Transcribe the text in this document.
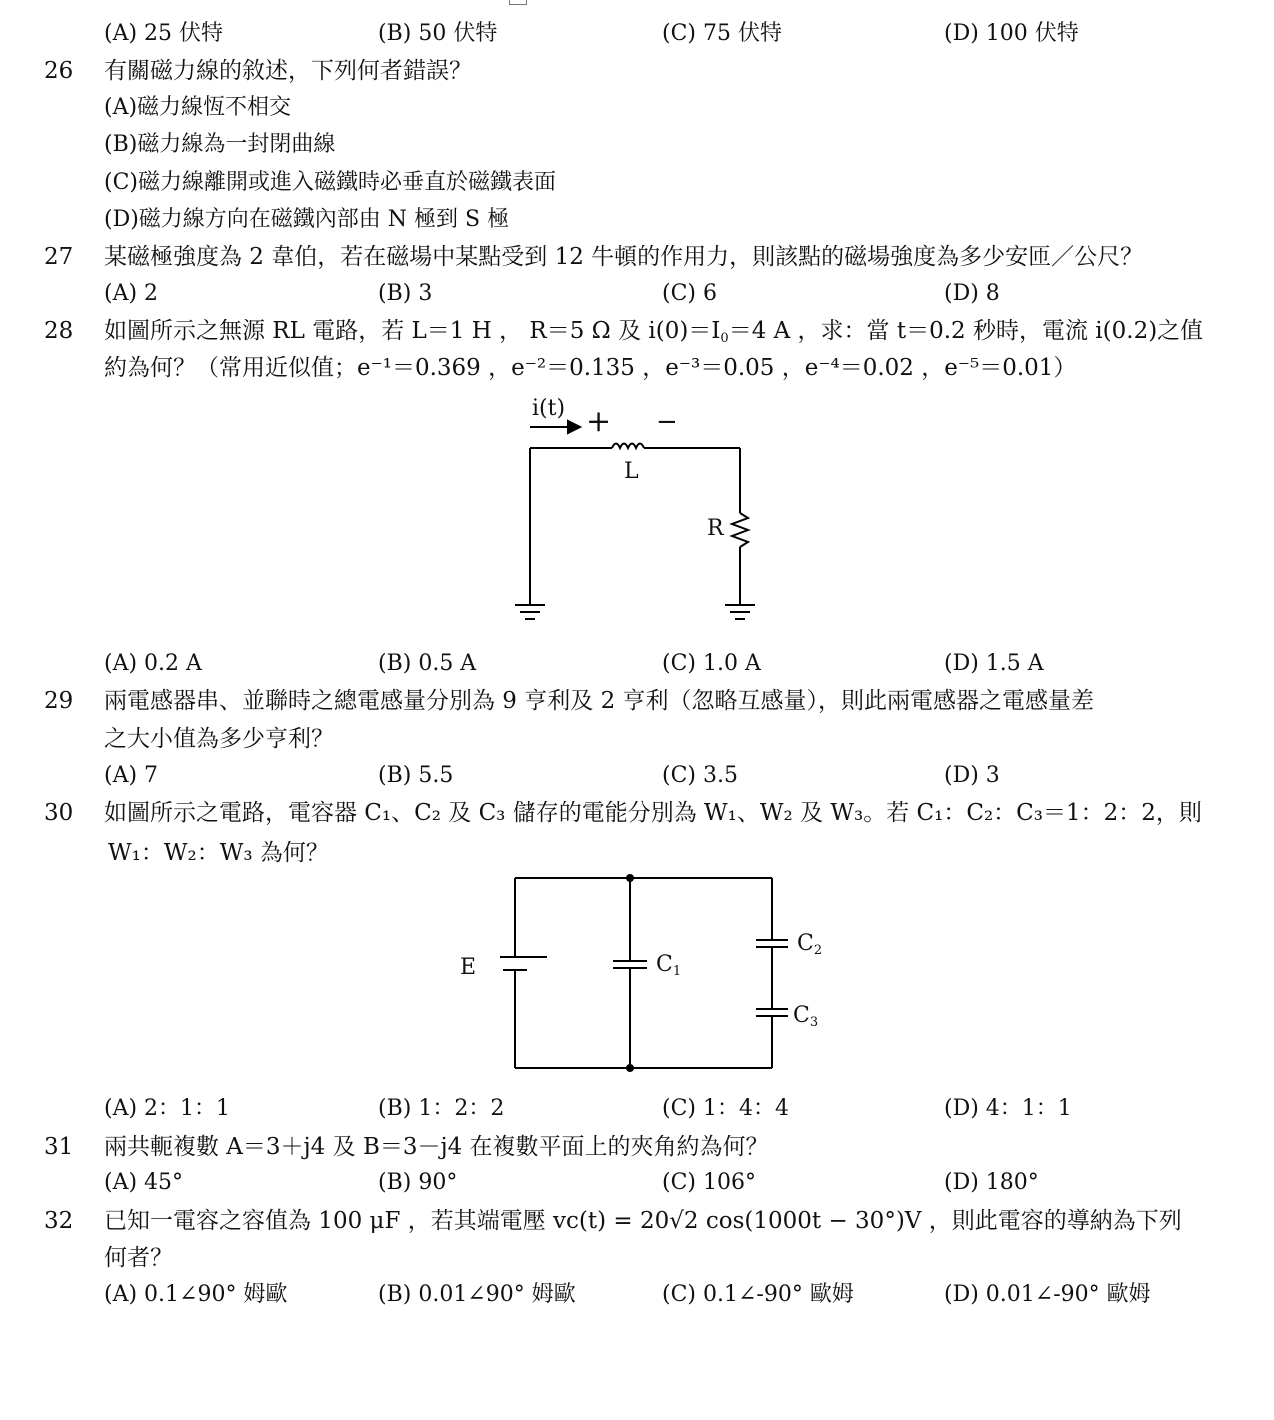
(A) 25 伏特	(B) 50 伏特	(C) 75 伏特	(D) 100 伏特
26 有關磁力線的敘述，下列何者錯誤？
(A)磁力線恆不相交
(B)磁力線為一封閉曲線
(C)磁力線離開或進入磁鐵時必垂直於磁鐵表面
(D)磁力線方向在磁鐵內部由 N 極到 S 極
27 某磁極強度為 2 韋伯，若在磁場中某點受到 12 牛頓的作用力，則該點的磁場強度為多少安匝／公尺？
(A) 2	(B) 3	(C) 6	(D) 8
28 如圖所示之無源 RL 電路，若 L＝1 H ， R＝5 Ω 及 $i(0)=I_0=4$ A ，求：當 t＝0.2 秒時，電流 i(0.2)之值
約為何？（常用近似值；e⁻¹＝0.369 ，e⁻²＝0.135 ，e⁻³＝0.05 ，e⁻⁴＝0.02 ，e⁻⁵＝0.01）
i(t) + −
L
R
(A) 0.2 A	(B) 0.5 A	(C) 1.0 A	(D) 1.5 A
29 兩電感器串、並聯時之總電感量分別為 9 亨利及 2 亨利（忽略互感量），則此兩電感器之電感量差
之大小值為多少亨利？
(A) 7	(B) 5.5	(C) 3.5	(D) 3
30 如圖所示之電路，電容器 C₁、C₂ 及 C₃ 儲存的電能分別為 W₁、W₂ 及 W₃。若 C₁：C₂：C₃＝1：2：2，則
W₁：W₂：W₃ 為何？
E	$C_1$
$C_2$
$C_3$
(A) 2：1：1	(B) 1：2：2	(C) 1：4：4	(D) 4：1：1
31 兩共軛複數 A＝3＋j4 及 B＝3－j4 在複數平面上的夾角約為何？
(A) 45°	(B) 90°	(C) 106°	(D) 180°
32 已知一電容之容值為 100 μF ，若其端電壓 vc(t) = 20√2 cos(1000t − 30°)V ，則此電容的導納為下列
何者？
(A) 0.1∠90° 姆歐	(B) 0.01∠90° 姆歐	(C) 0.1∠-90° 歐姆	(D) 0.01∠-90° 歐姆
